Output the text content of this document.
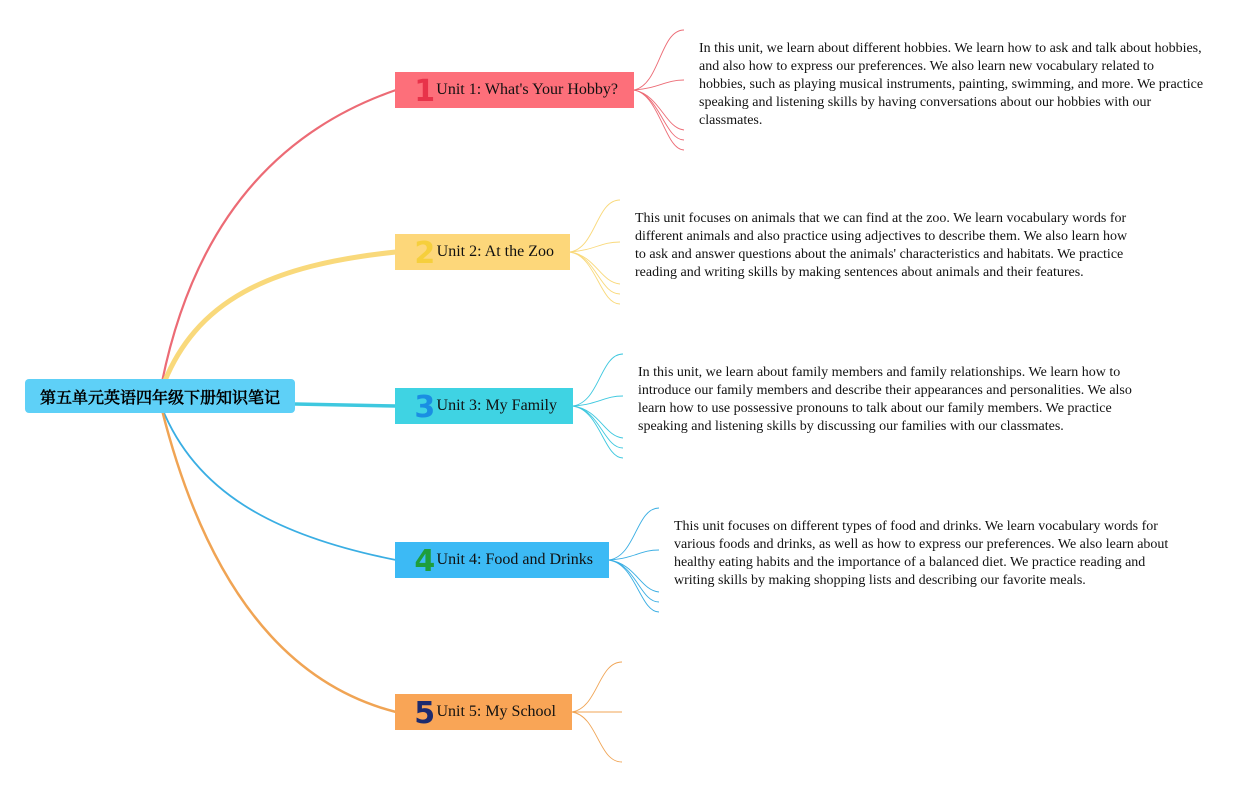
第五单元英语四年级下册知识笔记
1 Unit 1: What's Your Hobby?
In this unit, we learn about different hobbies. We learn how to ask and talk about hobbies, and also how to express our preferences. We also learn new vocabulary related to hobbies, such as playing musical instruments, painting, swimming, and more. We practice speaking and listening skills by having conversations about our hobbies with our classmates.
2 Unit 2: At the Zoo
This unit focuses on animals that we can find at the zoo. We learn vocabulary words for different animals and also practice using adjectives to describe them. We also learn how to ask and answer questions about the animals' characteristics and habitats. We practice reading and writing skills by making sentences about animals and their features.
3 Unit 3: My Family
In this unit, we learn about family members and family relationships. We learn how to introduce our family members and describe their appearances and personalities. We also learn how to use possessive pronouns to talk about our family members. We practice speaking and listening skills by discussing our families with our classmates.
4 Unit 4: Food and Drinks
This unit focuses on different types of food and drinks. We learn vocabulary words for various foods and drinks, as well as how to express our preferences. We also learn about healthy eating habits and the importance of a balanced diet. We practice reading and writing skills by making shopping lists and describing our favorite meals.
5 Unit 5: My School
